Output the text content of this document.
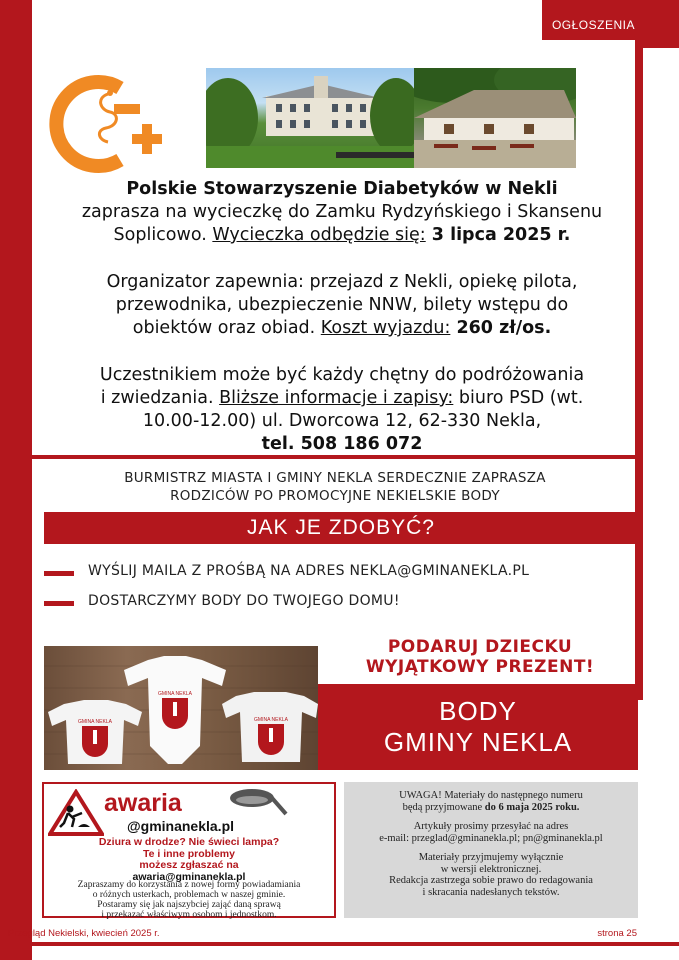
OGŁOSZENIA

Polskie Stowarzyszenie Diabetyków w Nekli

zaprasza na wycieczkę do Zamku Rydzyńskiego i Skansenu

Soplicowo. Wycieczka odbędzie się: 3 lipca 2025 r.

Organizator zapewnia: przejazd z Nekli, opiekę pilota,

przewodnika, ubezpieczenie NNW, bilety wstępu do

obiektów oraz obiad. Koszt wyjazdu: 260 zł/os.

Uczestnikiem może być każdy chętny do podróżowania

i zwiedzania. Bliższe informacje i zapisy: biuro PSD (wt.

10.00-12.00) ul. Dworcowa 12, 62-330 Nekla,

tel. 508 186 072

BURMISTRZ MIASTA I GMINY NEKLA SERDECZNIE ZAPRASZA
RODZICÓW PO PROMOCYJNE NEKIELSKIE BODY
JAK JE ZDOBYĆ?
WYŚLIJ MAILA Z PROŚBĄ NA ADRES NEKLA@GMINANEKLA.PL
DOSTARCZYMY BODY DO TWOJEGO DOMU!
PODARUJ DZIECKU
WYJĄTKOWY PREZENT!
GMINA NEKLA
GMINA NEKLA
GMINA NEKLA	BODY
GMINY NEKLA
awaria
@gminanekla.pl
Dziura w drodze? Nie świeci lampa?
Te i inne problemy
możesz zgłaszać na
awaria@gminanekla.pl
Zapraszamy do korzystania z nowej formy powiadamiania
o różnych usterkach, problemach w naszej gminie.
Postaramy się jak najszybciej zająć daną sprawą
i przekazać właściwym osobom i jednostkom.

UWAGA! Materiały do następnego numeru

będą przyjmowane do 6 maja 2025 roku.

Artykuły prosimy przesyłać na adres

e-mail: przeglad@gminanekla.pl; pn@gminanekla.pl

Materiały przyjmujemy wyłącznie

w wersji elektronicznej.

Redakcja zastrzega sobie prawo do redagowania

i skracania nadesłanych tekstów.

Przegląd Nekielski, kwiecień 2025 r.	strona 25
